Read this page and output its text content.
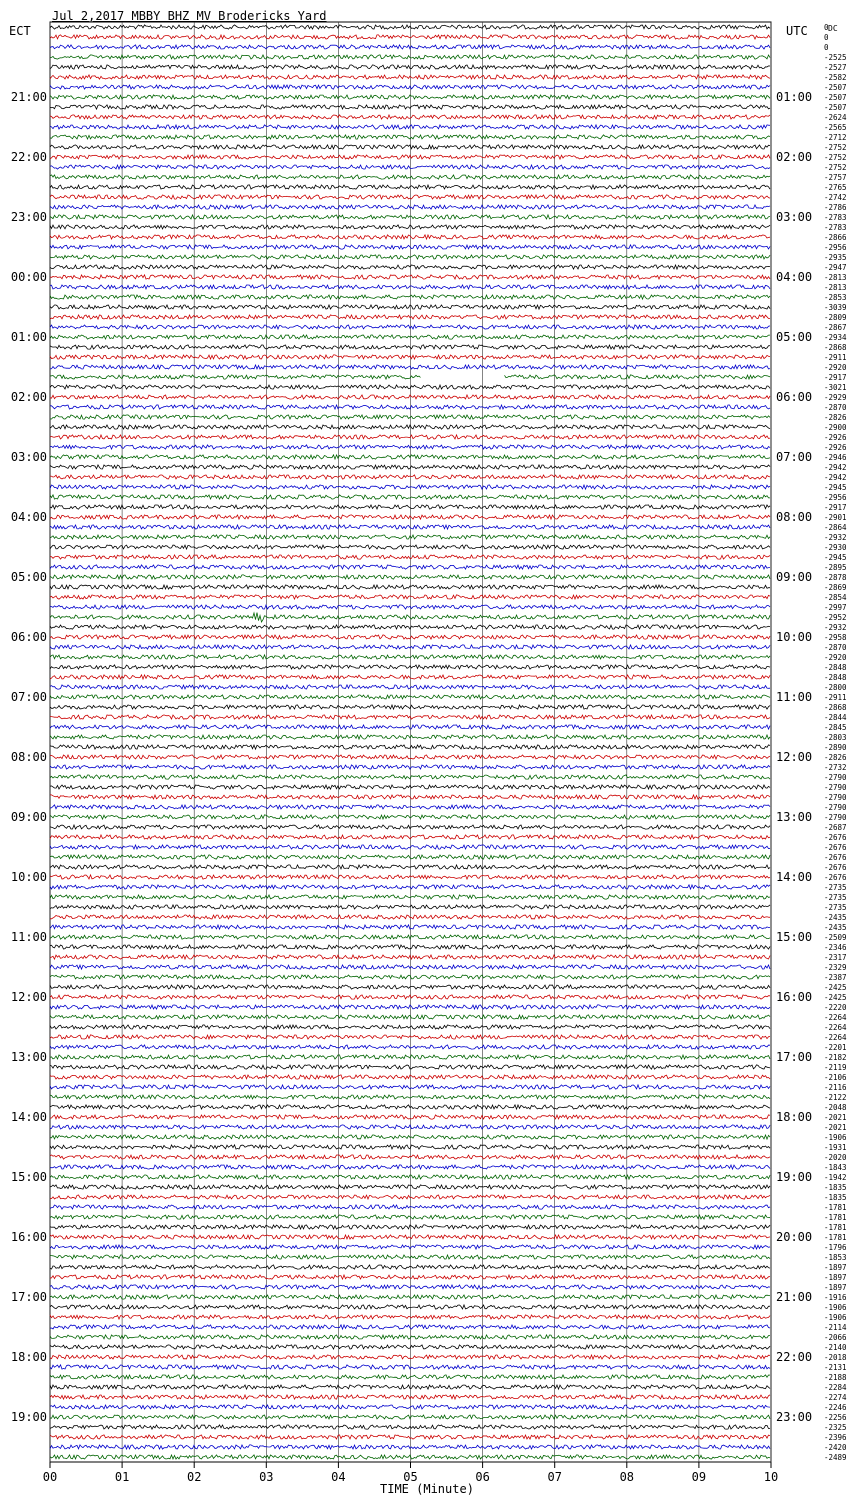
Jul 2,2017 MBBY BHZ MV Brodericks Yard
ECT	UTC	DC
0
0
0
-2525
-2527
-2582
-2507
-2507
-2507
-2624
-2565
-2712
-2752
-2752
-2752
-2757
-2765
-2742
-2786
-2783
-2783
-2866
-2956
-2935
-2947
-2813
-2813
-2853
-3039
-2809
-2867
-2934
-2868
-2911
-2920
-2917
-3021
-2929
-2870
-2826
-2900
-2926
-2926
-2946
-2942
-2942
-2945
-2956
-2917
-2901
-2864
-2932
-2930
-2945
-2895
-2878
-2869
-2854
-2997
-2952
-2932
-2958
-2870
-2920
-2848
-2848
-2800
-2911
-2868
-2844
-2845
-2803
-2890
-2826
-2732
-2790
-2790
-2790
-2790
-2790
-2687
-2676
-2676
-2676
-2676
-2676
-2735
-2735
-2735
-2435
-2435
-2509
-2346
-2317
-2329
-2387
-2425
-2425
-2220
-2264
-2264
-2264
-2201
-2182
-2119
-2106
-2116
-2122
-2048
-2021
-2021
-1906
-1931
-2020
-1843
-1942
-1835
-1835
-1781
-1781
-1781
-1781
-1796
-1853
-1897
-1897
-1897
-1916
-1906
-1906
-2114
-2066
-2140
-2018
-2131
-2188
-2284
-2274
-2246
-2256
-2325
-2396
-2420
-2489
21:00
22:00
23:00
00:00
01:00
02:00
03:00
04:00
05:00
06:00
07:00
08:00
09:00
10:00
11:00
12:00
13:00
14:00
15:00
16:00
17:00
18:00
19:00
01:00
02:00
03:00
04:00
05:00
06:00
07:00
08:00
09:00
10:00
11:00
12:00
13:00
14:00
15:00
16:00
17:00
18:00
19:00
20:00
21:00
22:00
23:00
00	01	02	03	04	05	06	07	08	09	10
TIME (Minute)
